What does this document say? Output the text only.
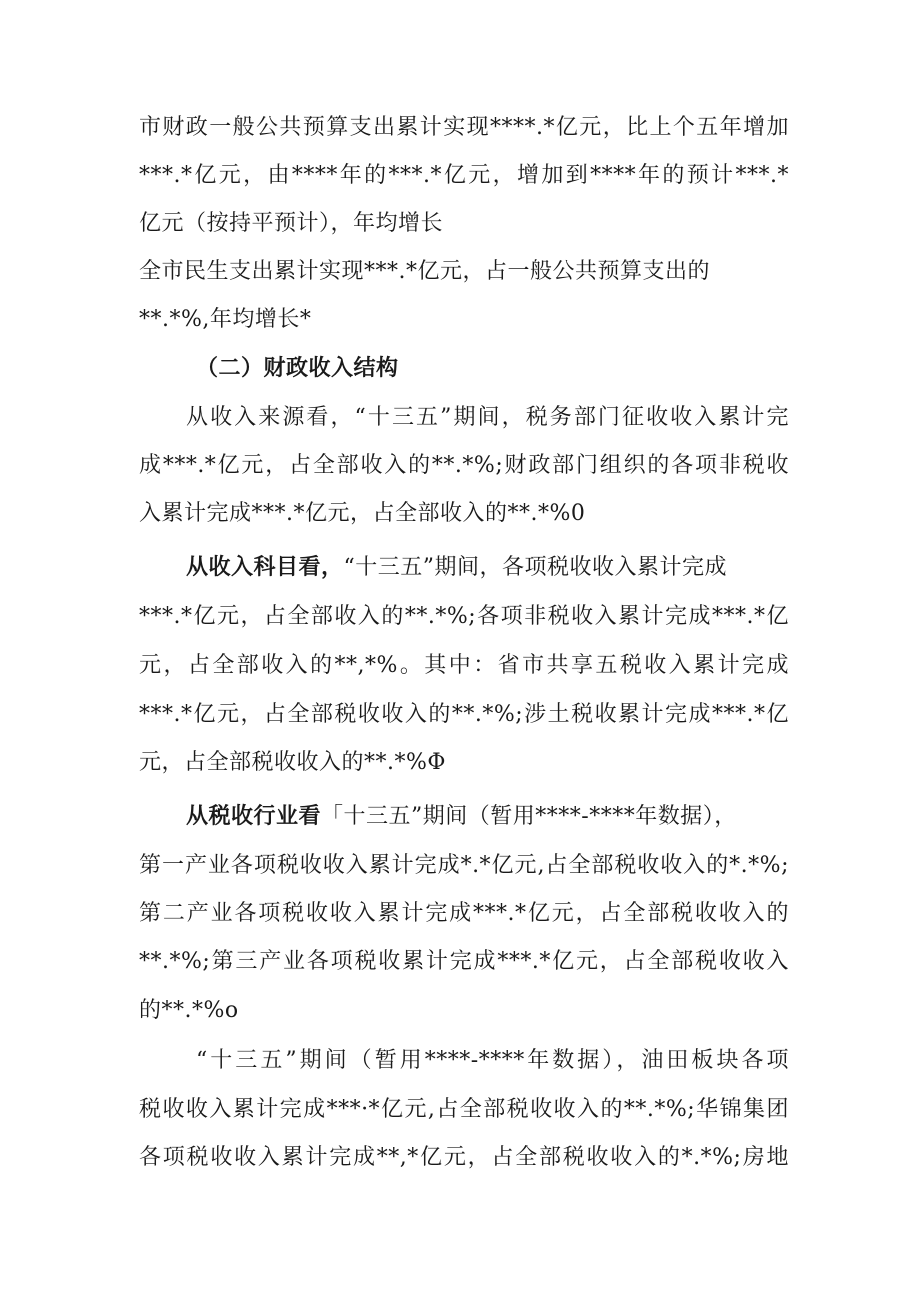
市财政一般公共预算支出累计实现****.*亿元，比上个五年增加
***.*亿元，由****年的***.*亿元，增加到****年的预计***.*
亿元（按持平预计），年均增长
全市民生支出累计实现***.*亿元，占一般公共预算支出的
**.*%,年均增长*
（二）财政收入结构
从收入来源看，“十三五”期间，税务部门征收收入累计完
成***.*亿元，占全部收入的**.*%;财政部门组织的各项非税收
入累计完成***.*亿元，占全部收入的**.*%0
从收入科目看，“十三五”期间，各项税收收入累计完成
***.*亿元，占全部收入的**.*%;各项非税收入累计完成***.*亿
元，占全部收入的**,*%。其中：省市共享五税收入累计完成
***.*亿元，占全部税收收入的**.*%;涉土税收累计完成***.*亿
元，占全部税收收入的**.*%Φ
从税收行业看「十三五”期间（暂用****-****年数据），
第一产业各项税收收入累计完成*.*亿元,占全部税收收入的*.*%;
第二产业各项税收收入累计完成***.*亿元，占全部税收收入的
**.*%;第三产业各项税收累计完成***.*亿元，占全部税收收入
的**.*%o
“十三五”期间（暂用****-****年数据），油田板块各项
税收收入累计完成***·*亿元,占全部税收收入的**.*%;华锦集团
各项税收收入累计完成**,*亿元，占全部税收收入的*.*%;房地
